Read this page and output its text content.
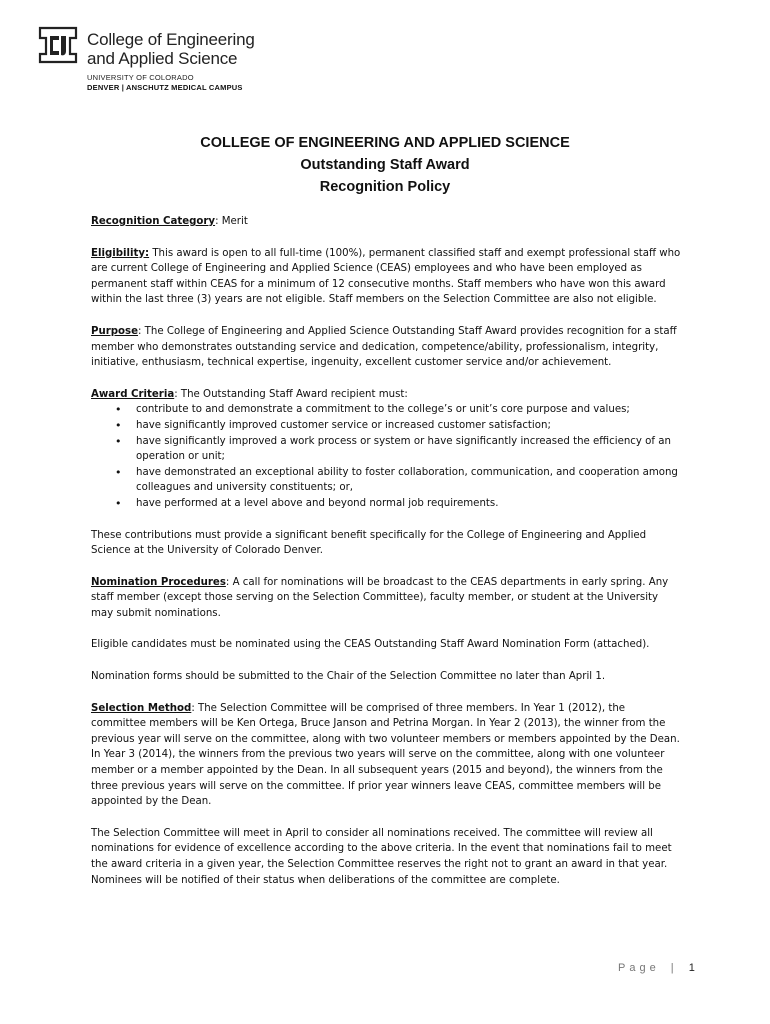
College of Engineering
and Applied Science
UNIVERSITY OF COLORADO
DENVER | ANSCHUTZ MEDICAL CAMPUS
COLLEGE OF ENGINEERING AND APPLIED SCIENCE
Outstanding Staff Award
Recognition Policy

Recognition Category: Merit

Eligibility: This award is open to all full-time (100%), permanent classified staff and exempt professional staff who are current College of Engineering and Applied Science (CEAS) employees and who have been employed as permanent staff within CEAS for a minimum of 12 consecutive months. Staff members who have won this award within the last three (3) years are not eligible. Staff members on the Selection Committee are also not eligible.

Purpose: The College of Engineering and Applied Science Outstanding Staff Award provides recognition for a staff member who demonstrates outstanding service and dedication, competence/ability, professionalism, integrity, initiative, enthusiasm, technical expertise, ingenuity, excellent customer service and/or achievement.

Award Criteria: The Outstanding Staff Award recipient must:

• contribute to and demonstrate a commitment to the college’s or unit’s core purpose and values;
• have significantly improved customer service or increased customer satisfaction;
• have significantly improved a work process or system or have significantly increased the efficiency of an operation or unit;
• have demonstrated an exceptional ability to foster collaboration, communication, and cooperation among colleagues and university constituents; or,
• have performed at a level above and beyond normal job requirements.

These contributions must provide a significant benefit specifically for the College of Engineering and Applied Science at the University of Colorado Denver.

Nomination Procedures: A call for nominations will be broadcast to the CEAS departments in early spring. Any staff member (except those serving on the Selection Committee), faculty member, or student at the University may submit nominations.

Eligible candidates must be nominated using the CEAS Outstanding Staff Award Nomination Form (attached).

Nomination forms should be submitted to the Chair of the Selection Committee no later than April 1.

Selection Method: The Selection Committee will be comprised of three members. In Year 1 (2012), the committee members will be Ken Ortega, Bruce Janson and Petrina Morgan. In Year 2 (2013), the winner from the previous year will serve on the committee, along with two volunteer members or members appointed by the Dean. In Year 3 (2014), the winners from the previous two years will serve on the committee, along with one volunteer member or a member appointed by the Dean. In all subsequent years (2015 and beyond), the winners from the three previous years will serve on the committee. If prior year winners leave CEAS, committee members will be appointed by the Dean.

The Selection Committee will meet in April to consider all nominations received. The committee will review all nominations for evidence of excellence according to the above criteria. In the event that nominations fail to meet the award criteria in a given year, the Selection Committee reserves the right not to grant an award in that year. Nominees will be notified of their status when deliberations of the committee are complete.

Page | 1
